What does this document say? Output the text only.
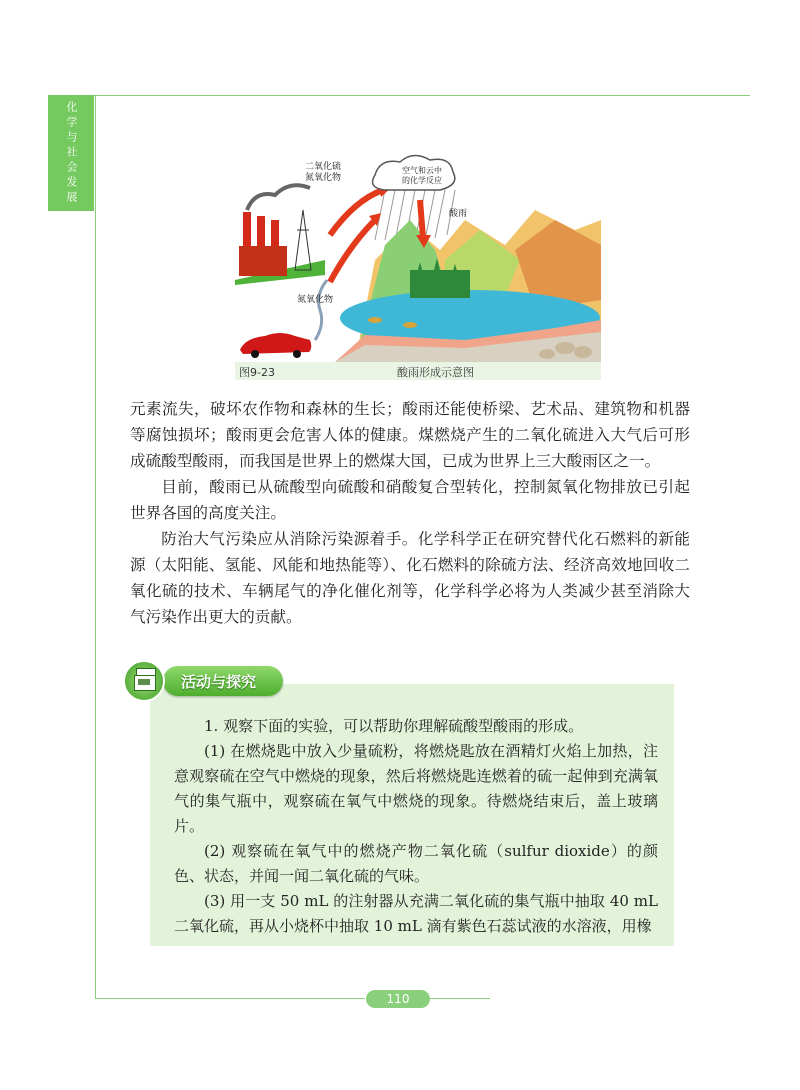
化学与社会发展	二氧化硫
氮氧化物
空气和云中
的化学反应
酸雨
氮氧化物
图9-23	酸雨形成示意图

元素流失，破坏农作物和森林的生长；酸雨还能使桥梁、艺术品、建筑物和机器等腐蚀损坏；酸雨更会危害人体的健康。煤燃烧产生的二氧化硫进入大气后可形成硫酸型酸雨，而我国是世界上的燃煤大国，已成为世界上三大酸雨区之一。

目前，酸雨已从硫酸型向硫酸和硝酸复合型转化，控制氮氧化物排放已引起世界各国的高度关注。

防治大气污染应从消除污染源着手。化学科学正在研究替代化石燃料的新能源（太阳能、氢能、风能和地热能等）、化石燃料的除硫方法、经济高效地回收二氧化硫的技术、车辆尾气的净化催化剂等，化学科学必将为人类减少甚至消除大气污染作出更大的贡献。

活动与探究

1. 观察下面的实验，可以帮助你理解硫酸型酸雨的形成。

(1) 在燃烧匙中放入少量硫粉，将燃烧匙放在酒精灯火焰上加热，注意观察硫在空气中燃烧的现象，然后将燃烧匙连燃着的硫一起伸到充满氧气的集气瓶中，观察硫在氧气中燃烧的现象。待燃烧结束后，盖上玻璃片。

(2) 观察硫在氧气中的燃烧产物二氧化硫（sulfur dioxide）的颜色、状态，并闻一闻二氧化硫的气味。

(3) 用一支 50 mL 的注射器从充满二氧化硫的集气瓶中抽取 40 mL 二氧化硫，再从小烧杯中抽取 10 mL 滴有紫色石蕊试液的水溶液，用橡

110
